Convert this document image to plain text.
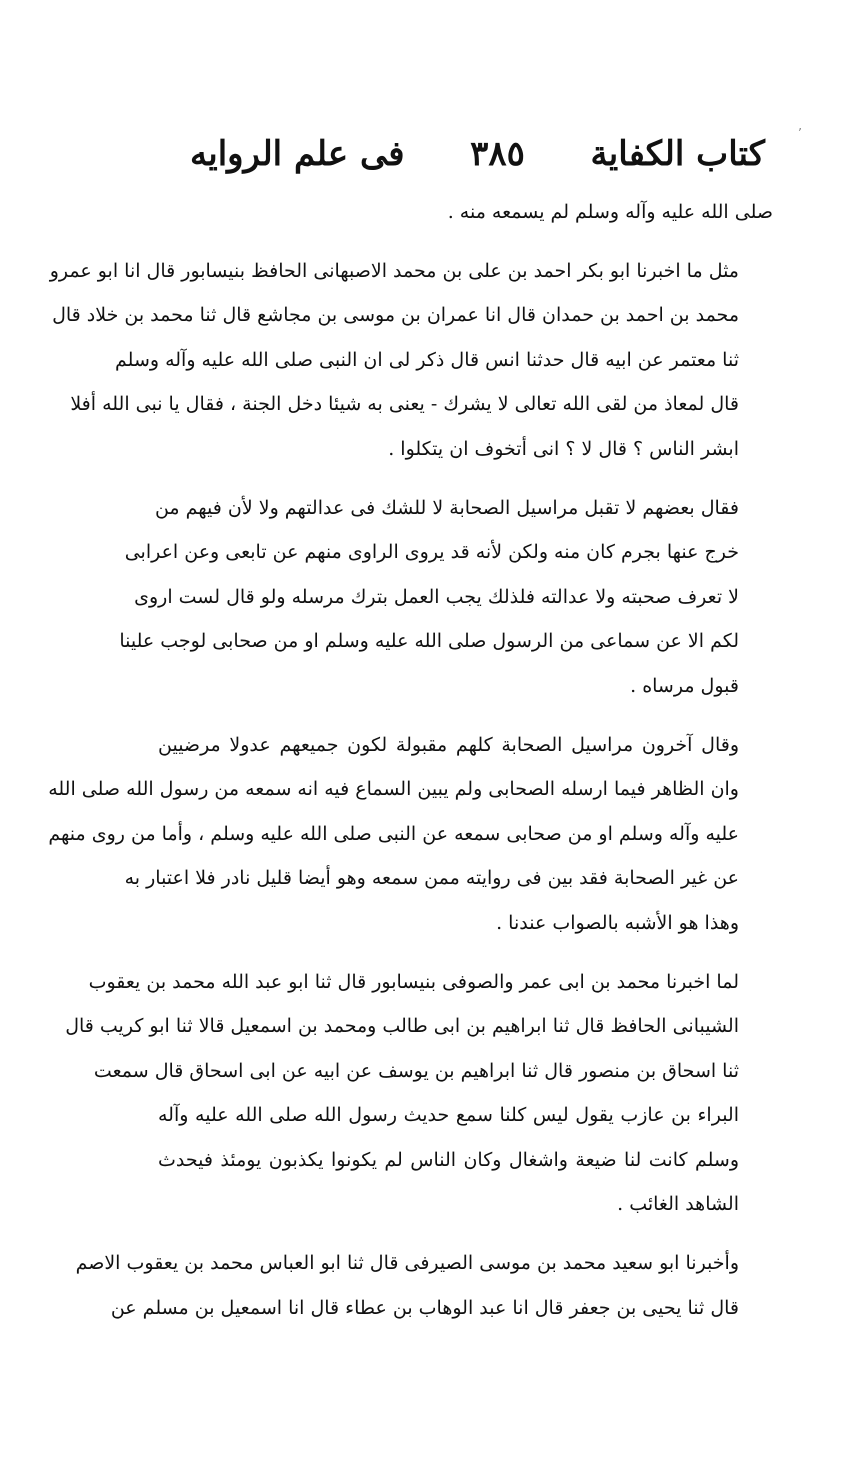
’
كتاب الكفاية
٣٨٥
فى علم الروايه
صلى الله عليه وآله وسلم لم يسمعه منه .
مثل ما اخبرنا ابو بكر احمد بن على بن محمد الاصبهانى الحافظ بنيسابور قال انا ابو عمرو
محمد بن احمد بن حمدان قال انا عمران بن موسى بن مجاشع قال ثنا محمد بن خلاد قال
ثنا معتمر عن ابيه قال حدثنا انس قال ذكر لى ان النبى صلى الله عليه وآله وسلم
قال لمعاذ من لقى الله تعالى لا يشرك - يعنى به شيئا دخل الجنة ، فقال يا نبى الله أفلا
ابشر الناس ؟ قال لا ؟ انى أتخوف ان يتكلوا .
فقال بعضهم لا تقبل مراسيل الصحابة لا للشك فى عدالتهم ولا لأن فيهم من
خرج عنها بجرم كان منه ولكن لأنه قد يروى الراوى منهم عن تابعى وعن اعرابى
لا تعرف صحبته ولا عدالته فلذلك يجب العمل بترك مرسله ولو قال لست اروى
لكم الا عن سماعى من الرسول صلى الله عليه وسلم او من صحابى لوجب علينا
قبول مرساه .
وقال آخرون مراسيل الصحابة كلهم مقبولة لكون جميعهم عدولا مرضيين
وان الظاهر فيما ارسله الصحابى ولم يبين السماع فيه انه سمعه من رسول الله صلى الله
عليه وآله وسلم او من صحابى سمعه عن النبى صلى الله عليه وسلم ، وأما من روى منهم
عن غير الصحابة فقد بين فى روايته ممن سمعه وهو أيضا قليل نادر فلا اعتبار به
وهذا هو الأشبه بالصواب عندنا .
لما اخبرنا محمد بن ابى عمر والصوفى بنيسابور قال ثنا ابو عبد الله محمد بن يعقوب
الشيبانى الحافظ قال ثنا ابراهيم بن ابى طالب ومحمد بن اسمعيل قالا ثنا ابو كريب قال
ثنا اسحاق بن منصور قال ثنا ابراهيم بن يوسف عن ابيه عن ابى اسحاق قال سمعت
البراء بن عازب يقول ليس كلنا سمع حديث رسول الله صلى الله عليه وآله
وسلم كانت لنا ضيعة واشغال وكان الناس لم يكونوا يكذبون يومئذ فيحدث
الشاهد الغائب .
وأخبرنا ابو سعيد محمد بن موسى الصيرفى قال ثنا ابو العباس محمد بن يعقوب الاصم
قال ثنا يحيى بن جعفر قال انا عبد الوهاب بن عطاء قال انا اسمعيل بن مسلم عن
